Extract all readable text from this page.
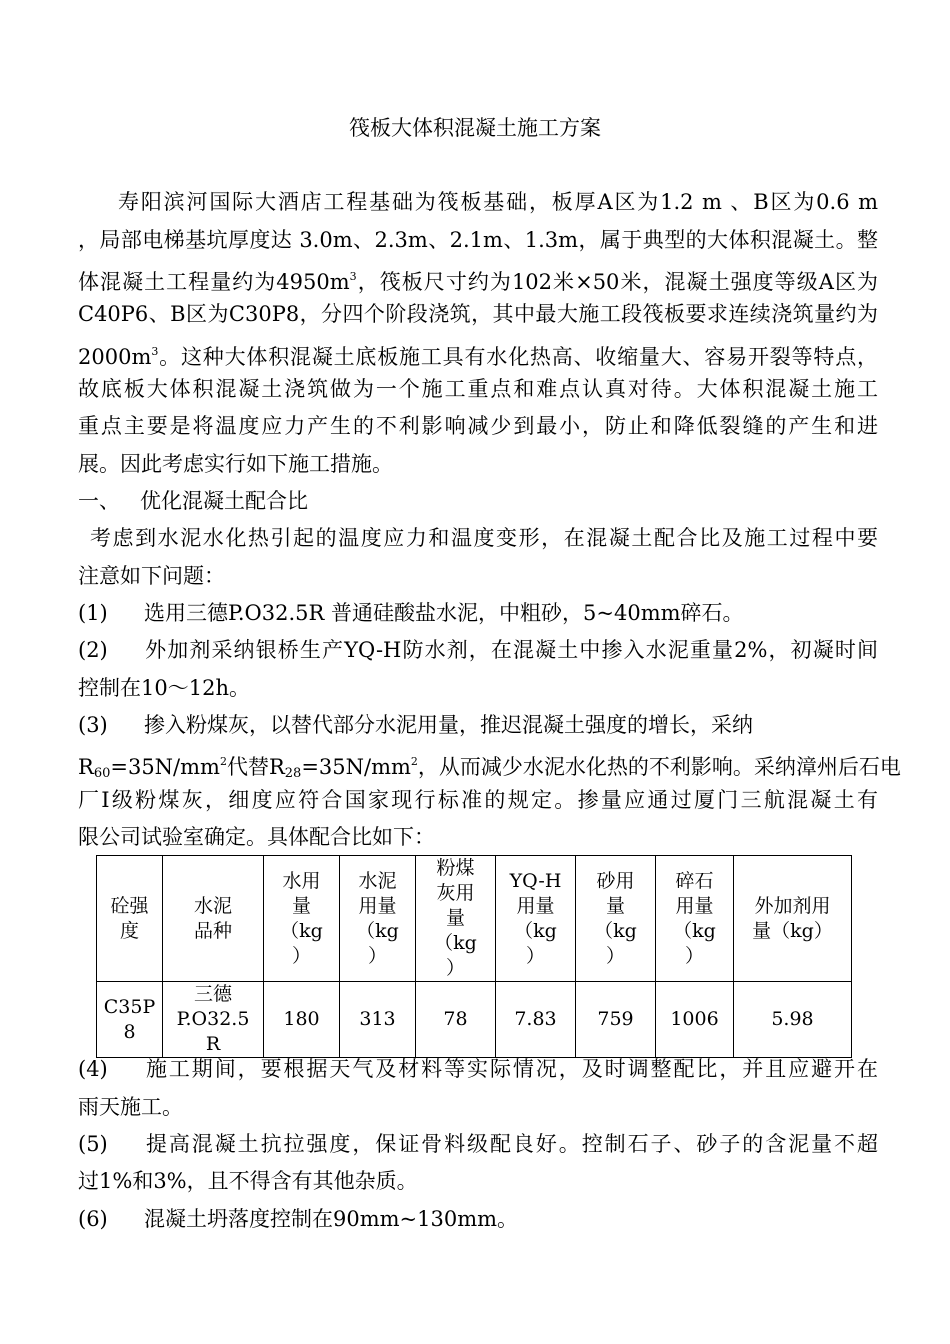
筏板大体积混凝土施工方案
寿阳滨河国际大酒店工程基础为筏板基础，板厚A区为1.2 m 、B区为0.6 m
，局部电梯基坑厚度达 3.0m、2.3m、2.1m、1.3m，属于典型的大体积混凝土。整
体混凝土工程量约为$4950m^3$，筏板尺寸约为102米×50米，混凝土强度等级A区为
C40P6、B区为C30P8，分四个阶段浇筑，其中最大施工段筏板要求连续浇筑量约为
$2000m^3$。这种大体积混凝土底板施工具有水化热高、收缩量大、容易开裂等特点，
故底板大体积混凝土浇筑做为一个施工重点和难点认真对待。大体积混凝土施工
重点主要是将温度应力产生的不利影响减少到最小，防止和降低裂缝的产生和进
展。因此考虑实行如下施工措施。
一、 优化混凝土配合比
考虑到水泥水化热引起的温度应力和温度变形，在混凝土配合比及施工过程中要
注意如下问题：
(1) 选用三德P.O32.5R 普通硅酸盐水泥，中粗砂，5~40mm碎石。
(2) 外加剂采纳银桥生产YQ-H防水剂，在混凝土中掺入水泥重量2%，初凝时间
控制在10～12h。
(3) 掺入粉煤灰，以替代部分水泥用量，推迟混凝土强度的增长，采纳
$R_{60}=35N/mm^2$代替$R_{28}=35N/mm^2$，从而减少水泥水化热的不利影响。采纳漳州后石电
厂Ⅰ级粉煤灰，细度应符合国家现行标准的规定。掺量应通过厦门三航混凝土有
限公司试验室确定。具体配合比如下：
砼强
度	水泥
品种	水用
量
（kg
）	水泥
用量
（kg
）	粉煤
灰用
量
（kg
）	YQ-H
用量
（kg
）	砂用
量
（kg
）	碎石
用量
（kg
）	外加剂用
量（kg）
C35P
8	三德
P.O32.5
R	180	313	78	7.83	759	1006	5.98
(4) 施工期间，要根据天气及材料等实际情况，及时调整配比，并且应避开在
雨天施工。
(5) 提高混凝土抗拉强度，保证骨料级配良好。控制石子、砂子的含泥量不超
过1%和3%，且不得含有其他杂质。
(6) 混凝土坍落度控制在90mm~130mm。
